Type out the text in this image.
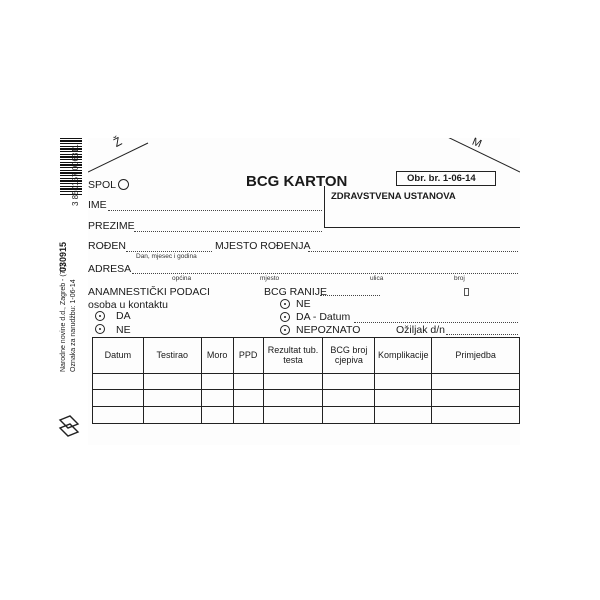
Ž	M
BCG KARTON	Obr. br. 1-06-14
ZDRAVSTVENA USTANOVA
SPOL
IME
PREZIME
ROĐEN
Dan, mjesec i godina
MJESTO ROĐENJA
ADRESA
općina	mjesto	ulica	broj
ANAMNESTIČKI PODACI
osoba u kontaktu
DA
NE
BCG RANIJE
NE
DA - Datum
NEPOZNATO	Ožiljak d/n
Datum	Testirao	Moro	PPD	Rezultat tub. testa	BCG broj cjepiva	Komplikacije	Primjedba

3 850157 006311
030915
Narodne novine d.d., Zagreb - (77) Oznaka za narudžbu: 1-06-14
